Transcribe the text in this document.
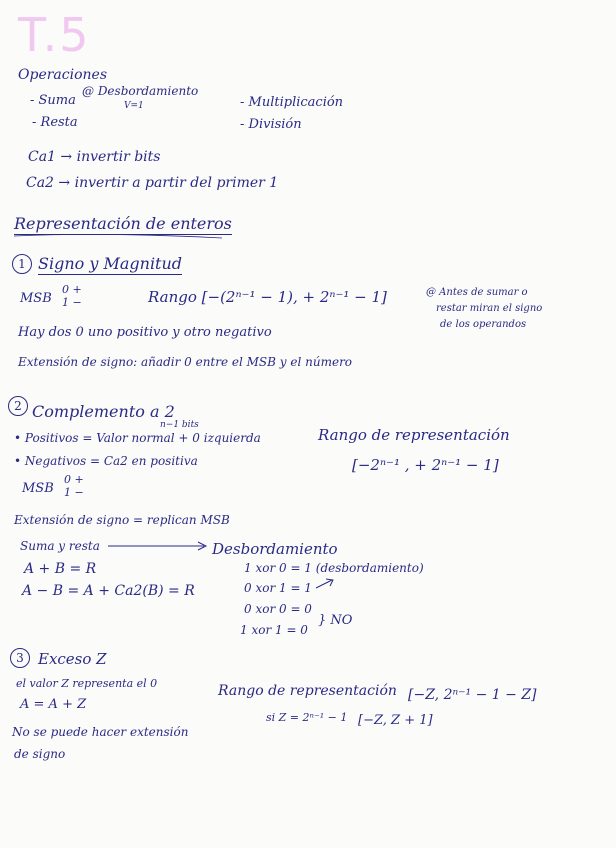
T.5
Operaciones
- Suma
@ Desbordamiento
V=1
- Resta
- Multiplicación
- División
Ca1 → invertir bits
Ca2 → invertir a partir del primer 1
Representación de enteros
1 Signo y Magnitud
MSB
0 +
1 −	Rango [−(2ⁿ⁻¹ − 1), + 2ⁿ⁻¹ − 1]	@ Antes de sumar o
restar miran el signo
de los operandos
Hay dos 0 uno positivo y otro negativo
Extensión de signo: añadir 0 entre el MSB y el número
2 Complemento a 2
n−1 bits
• Positivos = Valor normal + 0 izquierda
• Negativos = Ca2 en positiva
Rango de representación
[−2ⁿ⁻¹ , + 2ⁿ⁻¹ − 1]
MSB
0 +
1 −
Extensión de signo = replican MSB
Suma y resta	Desbordamiento
A + B = R
A − B = A + Ca2(B) = R
1 xor 0 = 1 (desbordamiento)
0 xor 1 = 1
0 xor 0 = 0
1 xor 1 = 0
} NO
3 Exceso Z
el valor Z representa el 0
A = A + Z
Rango de representación [−Z, 2ⁿ⁻¹ − 1 − Z]
si Z = 2ⁿ⁻¹ − 1 [−Z, Z + 1]
No se puede hacer extensión
de signo
